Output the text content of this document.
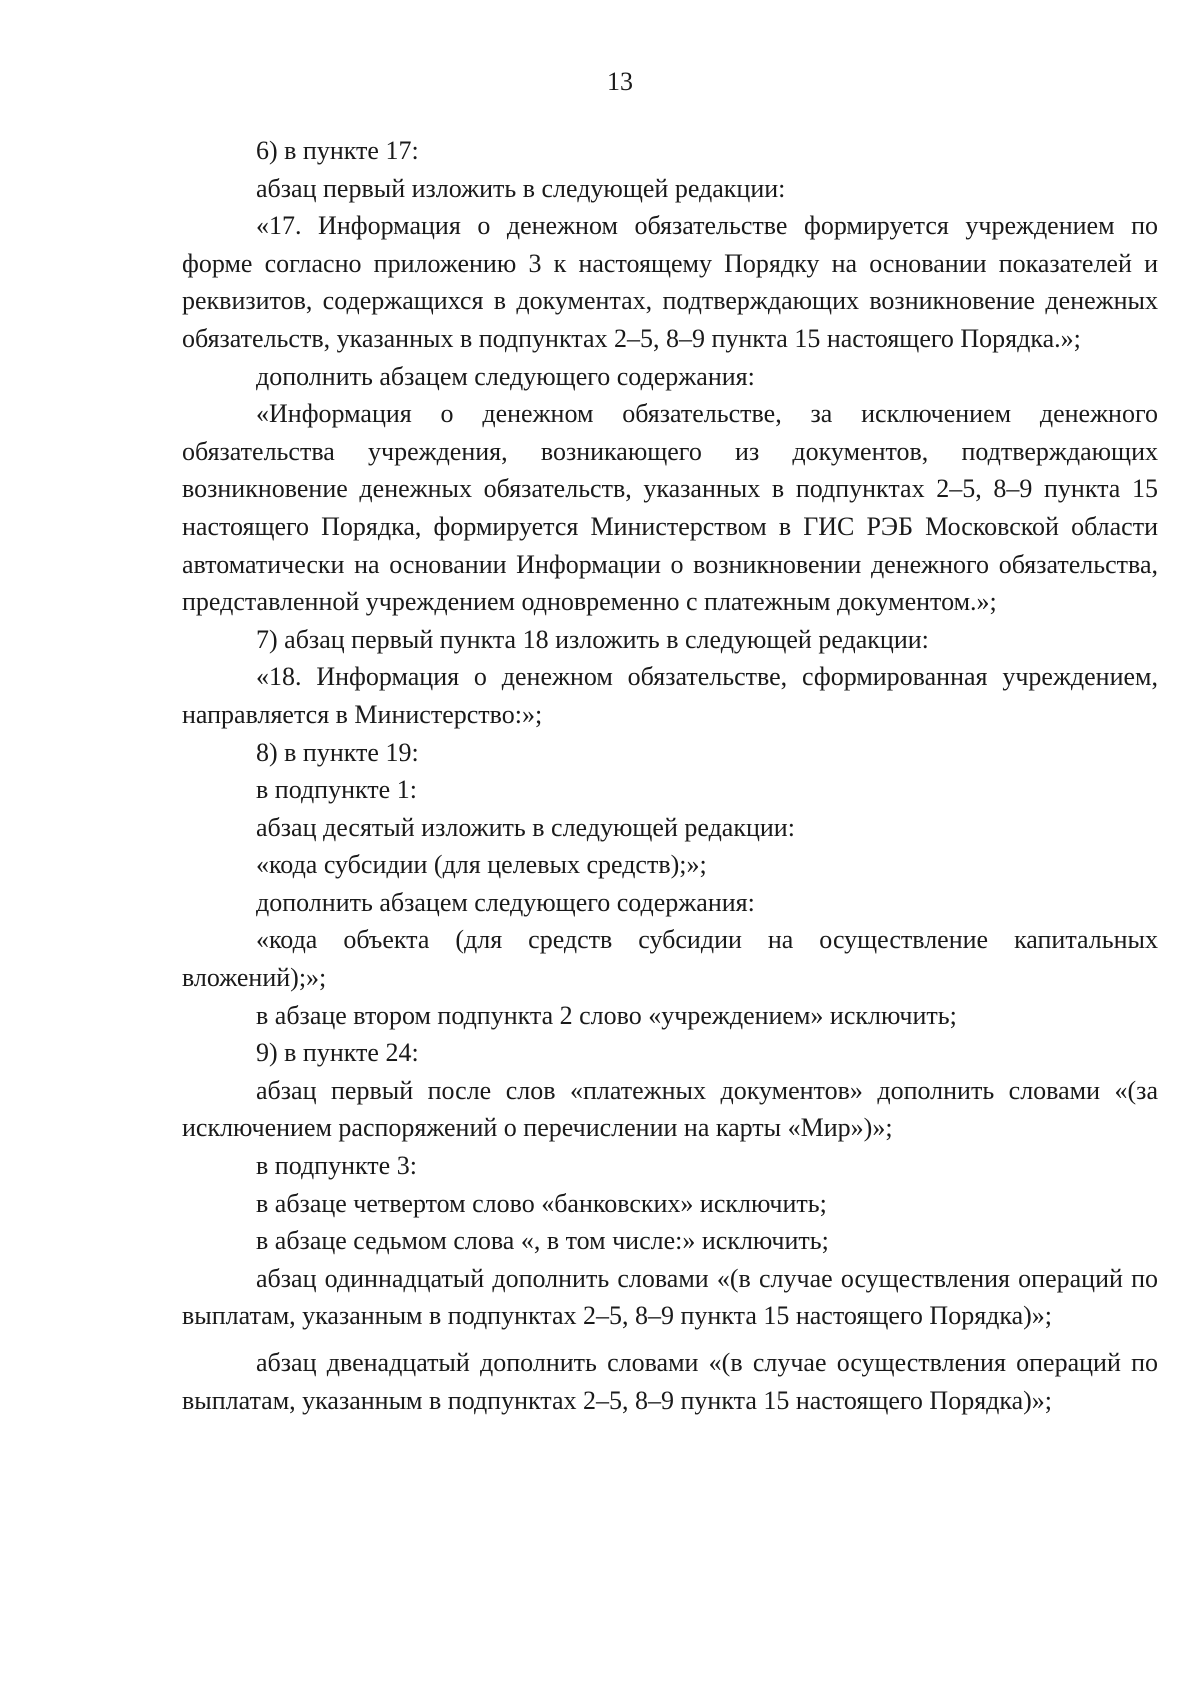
13

6) в пункте 17:

абзац первый изложить в следующей редакции:

«17. Информация о денежном обязательстве формируется учреждением по форме согласно приложению 3 к настоящему Порядку на основании показателей и реквизитов, содержащихся в документах, подтверждающих возникновение денежных обязательств, указанных в подпунктах 2–5, 8–9 пункта 15 настоящего Порядка.»;

дополнить абзацем следующего содержания:

«Информация о денежном обязательстве, за исключением денежного обязательства учреждения, возникающего из документов, подтверждающих возникновение денежных обязательств, указанных в подпунктах 2–5, 8–9 пункта 15 настоящего Порядка, формируется Министерством в ГИС РЭБ Московской области автоматически на основании Информации о возникновении денежного обязательства, представленной учреждением одновременно с платежным документом.»;

7) абзац первый пункта 18 изложить в следующей редакции:

«18. Информация о денежном обязательстве, сформированная учреждением, направляется в Министерство:»;

8) в пункте 19:

в подпункте 1:

абзац десятый изложить в следующей редакции:

«кода субсидии (для целевых средств);»;

дополнить абзацем следующего содержания:

«кода объекта (для средств субсидии на осуществление капитальных вложений);»;

в абзаце втором подпункта 2 слово «учреждением» исключить;

9) в пункте 24:

абзац первый после слов «платежных документов» дополнить словами «(за исключением распоряжений о перечислении на карты «Мир»)»;

в подпункте 3:

в абзаце четвертом слово «банковских» исключить;

в абзаце седьмом слова «, в том числе:» исключить;

абзац одиннадцатый дополнить словами «(в случае осуществления операций по выплатам, указанным в подпунктах 2–5, 8–9 пункта 15 настоящего Порядка)»;

абзац двенадцатый дополнить словами «(в случае осуществления операций по выплатам, указанным в подпунктах 2–5, 8–9 пункта 15 настоящего Порядка)»;
